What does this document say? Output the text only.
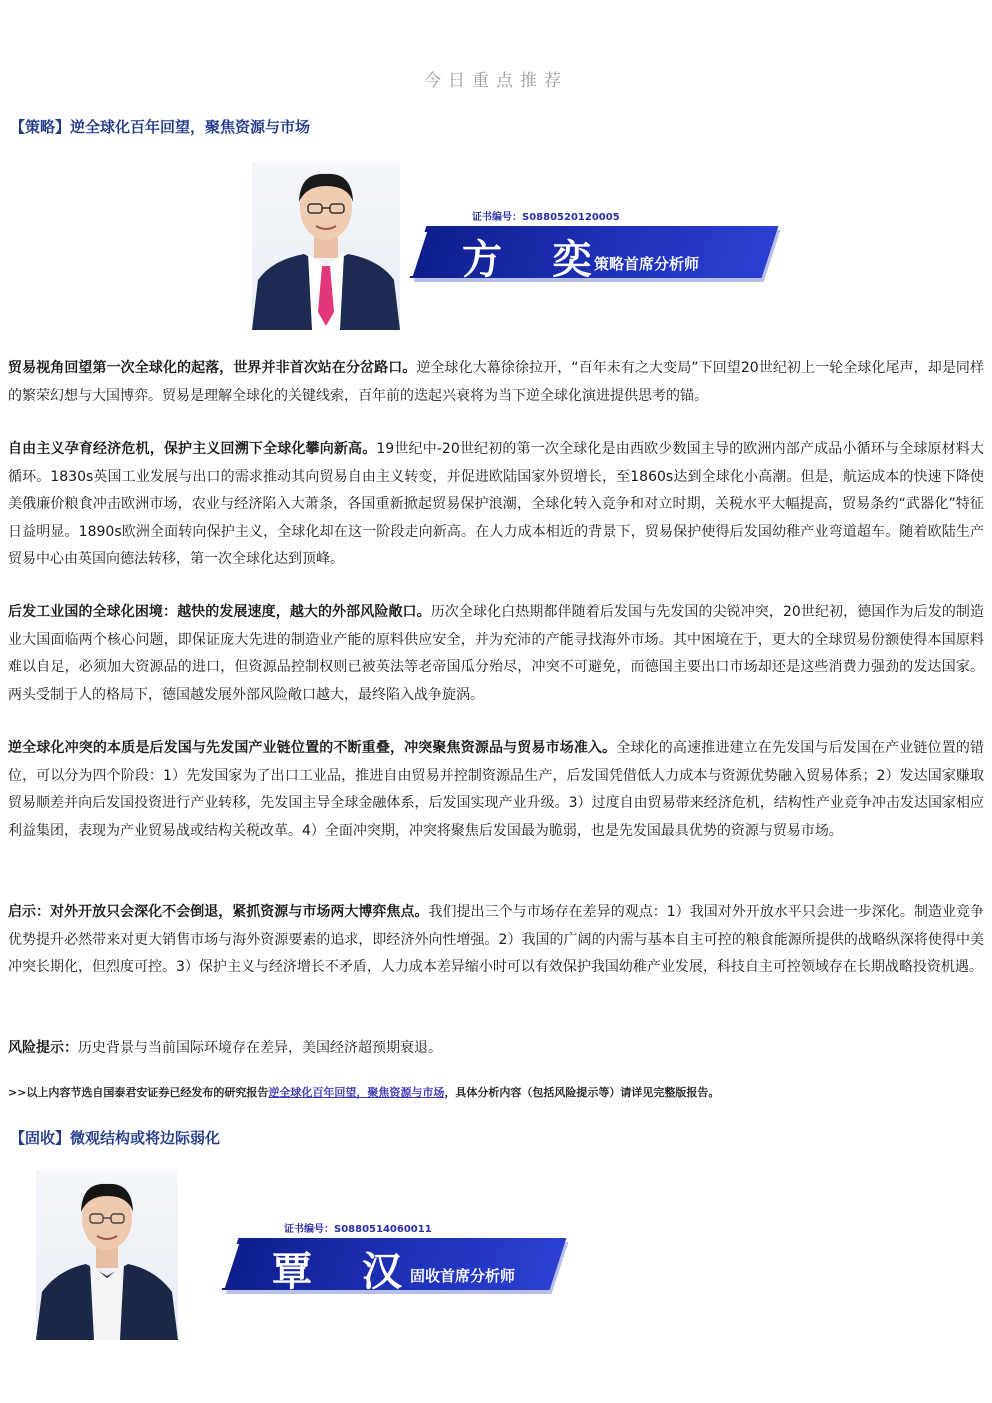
今日重点推荐
【策略】逆全球化百年回望，聚焦资源与市场
证书编号：S0880520120005
方 奕
策略首席分析师
贸易视角回望第一次全球化的起落，世界并非首次站在分岔路口。逆全球化大幕徐徐拉开，“百年未有之大变局”下回望20世纪初上一轮全球化尾声，却是同样的繁荣幻想与大国博弈。贸易是理解全球化的关键线索，百年前的迭起兴衰将为当下逆全球化演进提供思考的锚。
自由主义孕育经济危机，保护主义回溯下全球化攀向新高。19世纪中-20世纪初的第一次全球化是由西欧少数国主导的欧洲内部产成品小循环与全球原材料大循环。1830s英国工业发展与出口的需求推动其向贸易自由主义转变，并促进欧陆国家外贸增长，至1860s达到全球化小高潮。但是，航运成本的快速下降使美俄廉价粮食冲击欧洲市场，农业与经济陷入大萧条，各国重新掀起贸易保护浪潮，全球化转入竞争和对立时期，关税水平大幅提高，贸易条约“武器化”特征日益明显。1890s欧洲全面转向保护主义，全球化却在这一阶段走向新高。在人力成本相近的背景下，贸易保护使得后发国幼稚产业弯道超车。随着欧陆生产贸易中心由英国向德法转移，第一次全球化达到顶峰。
后发工业国的全球化困境：越快的发展速度，越大的外部风险敞口。历次全球化白热期都伴随着后发国与先发国的尖锐冲突，20世纪初，德国作为后发的制造业大国面临两个核心问题，即保证庞大先进的制造业产能的原料供应安全，并为充沛的产能寻找海外市场。其中困境在于，更大的全球贸易份额使得本国原料难以自足，必须加大资源品的进口，但资源品控制权则已被英法等老帝国瓜分殆尽，冲突不可避免，而德国主要出口市场却还是这些消费力强劲的发达国家。两头受制于人的格局下，德国越发展外部风险敞口越大，最终陷入战争旋涡。
逆全球化冲突的本质是后发国与先发国产业链位置的不断重叠，冲突聚焦资源品与贸易市场准入。全球化的高速推进建立在先发国与后发国在产业链位置的错位，可以分为四个阶段：1）先发国家为了出口工业品，推进自由贸易并控制资源品生产，后发国凭借低人力成本与资源优势融入贸易体系；2）发达国家赚取贸易顺差并向后发国投资进行产业转移，先发国主导全球金融体系，后发国实现产业升级。3）过度自由贸易带来经济危机，结构性产业竞争冲击发达国家相应利益集团，表现为产业贸易战或结构关税改革。4）全面冲突期，冲突将聚焦后发国最为脆弱，也是先发国最具优势的资源与贸易市场。
启示：对外开放只会深化不会倒退，紧抓资源与市场两大博弈焦点。我们提出三个与市场存在差异的观点：1）我国对外开放水平只会进一步深化。制造业竞争优势提升必然带来对更大销售市场与海外资源要素的追求，即经济外向性增强。2）我国的广阔的内需与基本自主可控的粮食能源所提供的战略纵深将使得中美冲突长期化，但烈度可控。3）保护主义与经济增长不矛盾，人力成本差异缩小时可以有效保护我国幼稚产业发展，科技自主可控领域存在长期战略投资机遇。
风险提示：历史背景与当前国际环境存在差异，美国经济超预期衰退。
>>以上内容节选自国泰君安证券已经发布的研究报告逆全球化百年回望，聚焦资源与市场，具体分析内容（包括风险提示等）请详见完整版报告。
【固收】微观结构或将边际弱化
证书编号：S0880514060011
覃 汉
固收首席分析师
